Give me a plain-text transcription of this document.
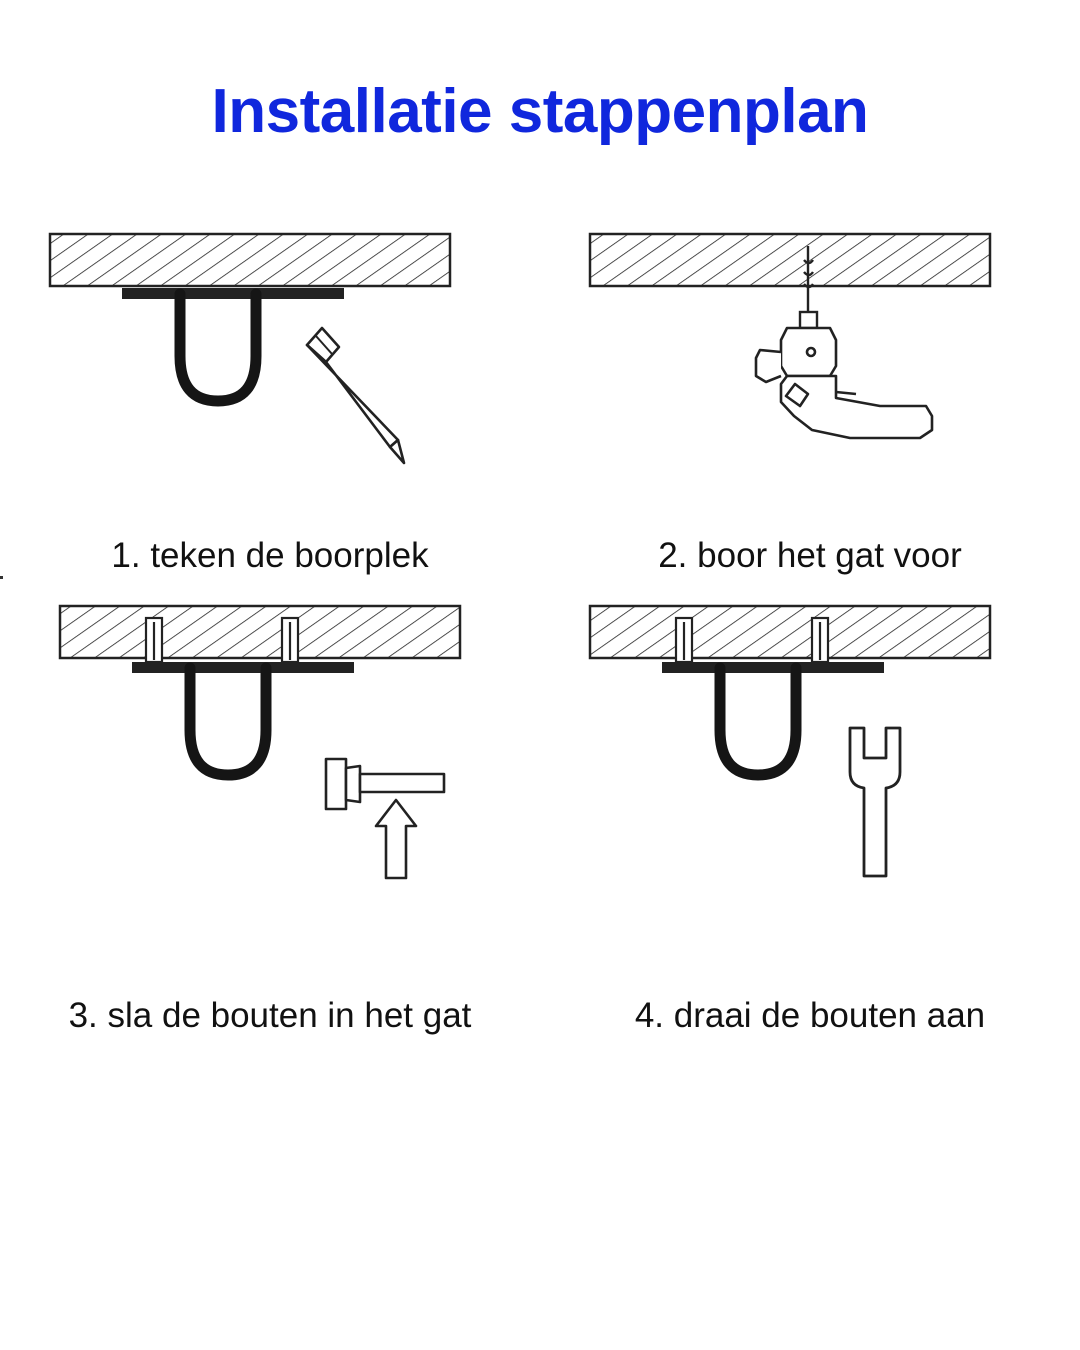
Installatie stappenplan
1. teken de boorplek	2. boor het gat voor
3. sla de bouten in het gat	4. draai de bouten aan
